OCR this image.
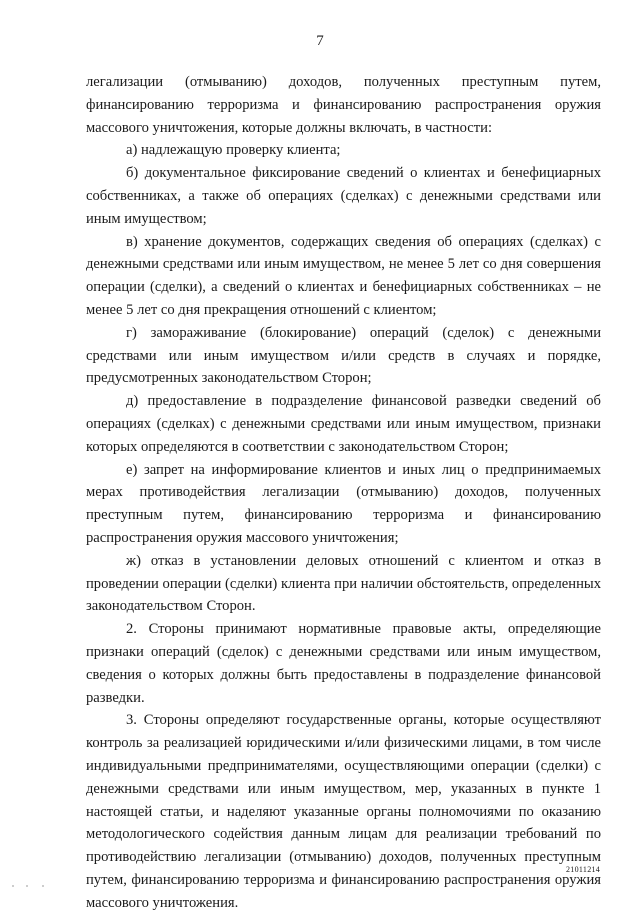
7

легализации (отмыванию) доходов, полученных преступным путем, финансированию терроризма и финансированию распространения оружия массового уничтожения, которые должны включать, в частности:

а) надлежащую проверку клиента;

б) документальное фиксирование сведений о клиентах и бенефициарных собственниках, а также об операциях (сделках) с денежными средствами или иным имуществом;

в) хранение документов, содержащих сведения об операциях (сделках) с денежными средствами или иным имуществом, не менее 5 лет со дня совершения операции (сделки), а сведений о клиентах и бенефициарных собственниках – не менее 5 лет со дня прекращения отношений с клиентом;

г) замораживание (блокирование) операций (сделок) с денежными средствами или иным имуществом и/или средств в случаях и порядке, предусмотренных законодательством Сторон;

д) предоставление в подразделение финансовой разведки сведений об операциях (сделках) с денежными средствами или иным имуществом, признаки которых определяются в соответствии с законодательством Сторон;

е) запрет на информирование клиентов и иных лиц о предпринимаемых мерах противодействия легализации (отмыванию) доходов, полученных преступным путем, финансированию терроризма и финансированию распространения оружия массового уничтожения;

ж) отказ в установлении деловых отношений с клиентом и отказ в проведении операции (сделки) клиента при наличии обстоятельств, определенных законодательством Сторон.

2. Стороны принимают нормативные правовые акты, определяющие признаки операций (сделок) с денежными средствами или иным имуществом, сведения о которых должны быть предоставлены в подразделение финансовой разведки.

3. Стороны определяют государственные органы, которые осуществляют контроль за реализацией юридическими и/или физическими лицами, в том числе индивидуальными предпринимателями, осуществляющими операции (сделки) с денежными средствами или иным имуществом, мер, указанных в пункте 1 настоящей статьи, и наделяют указанные органы полномочиями по оказанию методологического содействия данным лицам для реализации требований по противодействию легализации (отмыванию) доходов, полученных преступным путем, финансированию терроризма и финансированию распространения оружия массового уничтожения.

21011214
